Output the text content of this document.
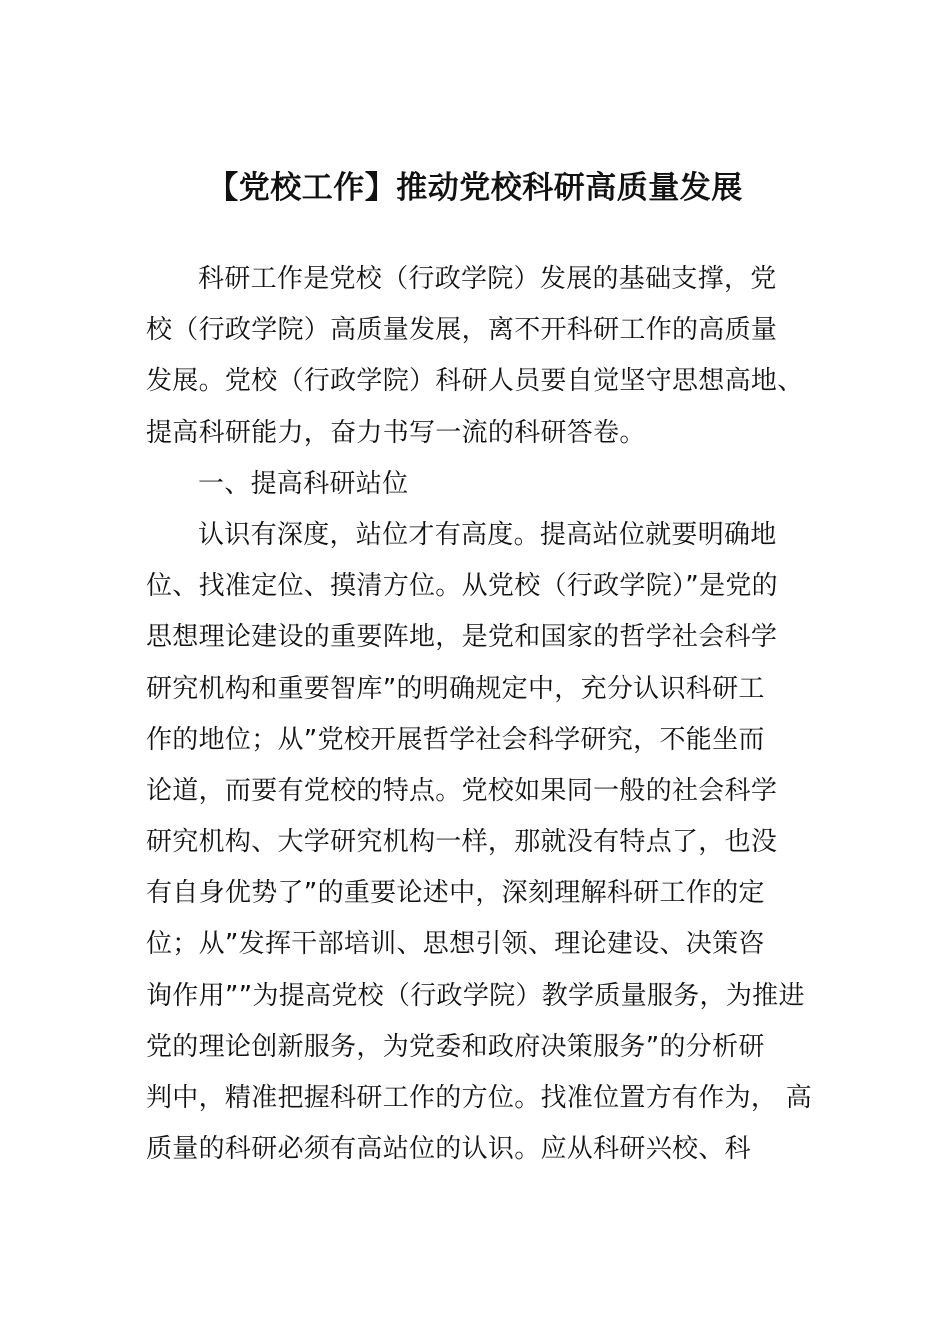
【党校工作】推动党校科研高质量发展
科研工作是党校（行政学院）发展的基础支撑，党
校（行政学院）高质量发展，离不开科研工作的高质量
发展。党校（行政学院）科研人员要自觉坚守思想高地、
提高科研能力，奋力书写一流的科研答卷。
一、提高科研站位
认识有深度，站位才有高度。提高站位就要明确地
位、找准定位、摸清方位。从党校（行政学院）”是党的
思想理论建设的重要阵地，是党和国家的哲学社会科学
研究机构和重要智库”的明确规定中，充分认识科研工
作的地位；从”党校开展哲学社会科学研究，不能坐而
论道，而要有党校的特点。党校如果同一般的社会科学
研究机构、大学研究机构一样，那就没有特点了，也没
有自身优势了”的重要论述中，深刻理解科研工作的定
位；从”发挥干部培训、思想引领、理论建设、决策咨
询作用””为提高党校（行政学院）教学质量服务，为推进
党的理论创新服务，为党委和政府决策服务”的分析研
判中，精准把握科研工作的方位。找准位置方有作为， 高
质量的科研必须有高站位的认识。应从科研兴校、科
